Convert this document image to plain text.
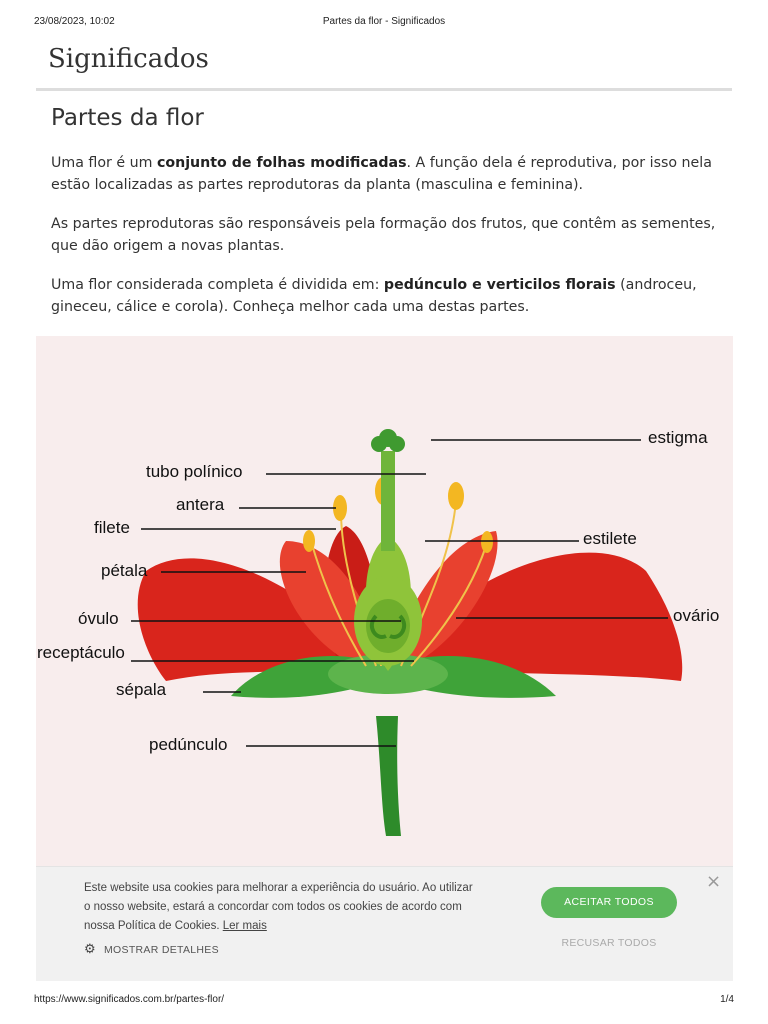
23/08/2023, 10:02	Partes da flor - Significados
Significados
Partes da flor

Uma flor é um conjunto de folhas modificadas. A função dela é reprodutiva, por isso nela estão localizadas as partes reprodutoras da planta (masculina e feminina).

As partes reprodutoras são responsáveis pela formação dos frutos, que contêm as sementes, que dão origem a novas plantas.

Uma flor considerada completa é dividida em: pedúnculo e verticilos florais (androceu, gineceu, cálice e corola). Conheça melhor cada uma destas partes.

estigma
tubo polínico
antera
filete
estilete
pétala
óvulo	ovário
receptáculo
sépala
pedúnculo
Este website usa cookies para melhorar a experiência do usuário. Ao utilizar o nosso website, estará a concordar com todos os cookies de acordo com nossa Política de Cookies. Ler mais
⚙ MOSTRAR DETALHES
ACEITAR TODOS
RECUSAR TODOS
×
https://www.significados.com.br/partes-flor/	1/4
